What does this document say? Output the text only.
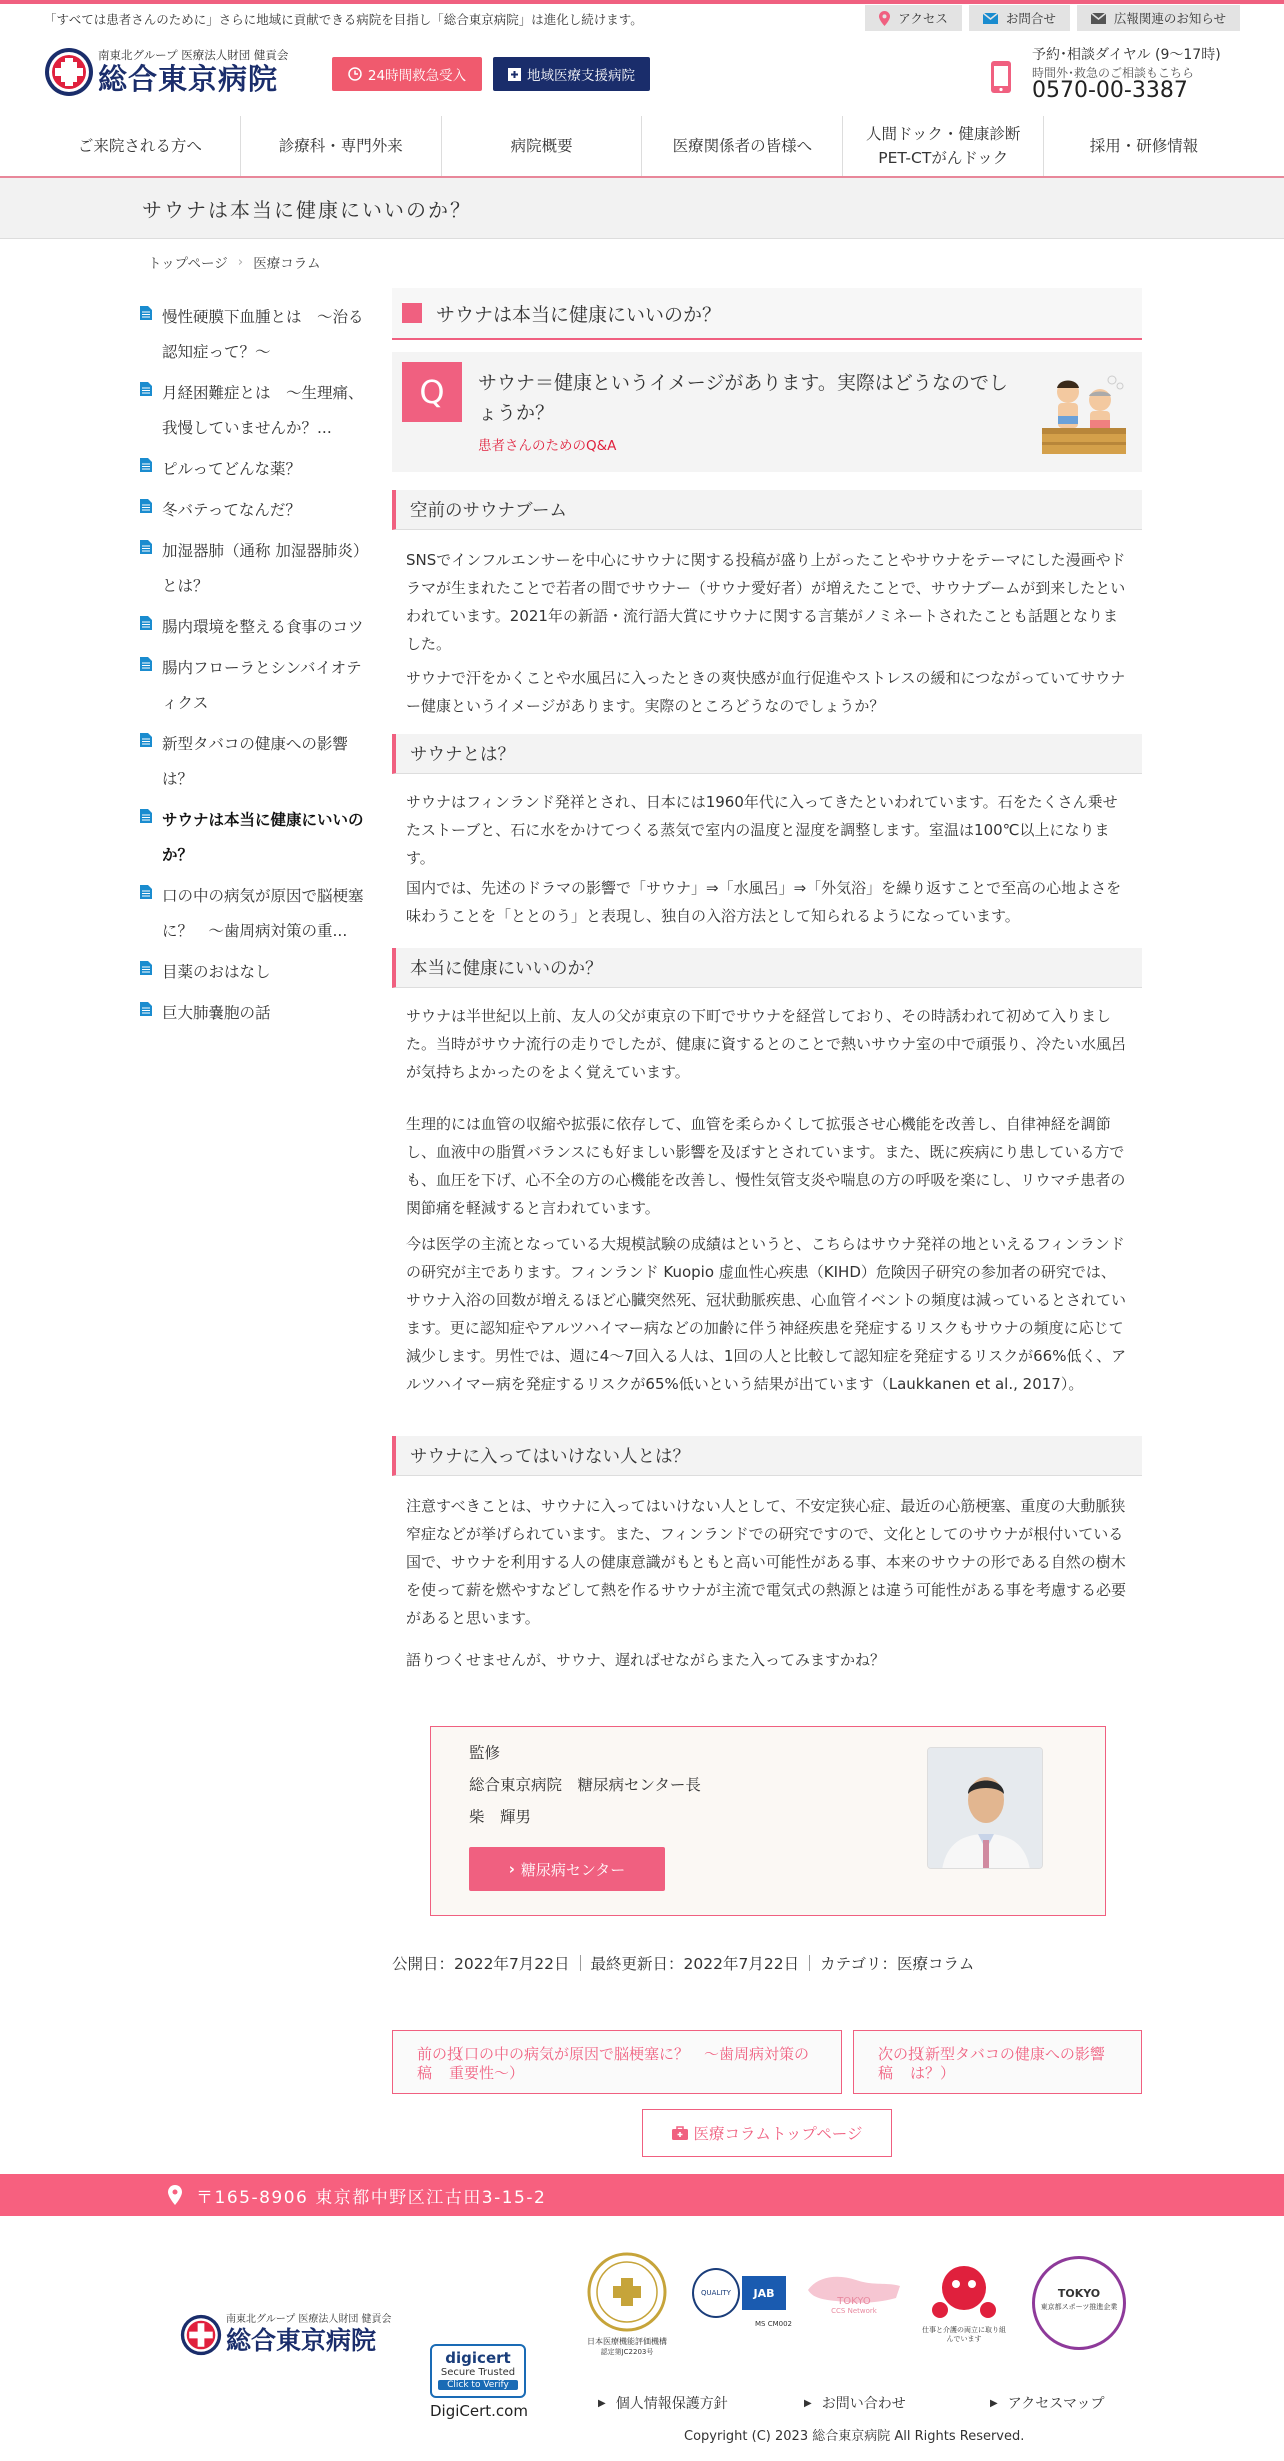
「すべては患者さんのために」さらに地域に貢献できる病院を目指し「総合東京病院」は進化し続けます。	アクセス	お問合せ	広報関連のお知らせ
南東北グループ 医療法人財団 健貢会
総合東京病院	24時間救急受入	地域医療支援病院
予約･相談ダイヤル (9〜17時)
時間外･救急のご相談もこちら
0570-00-3387
ご来院される方へ	診療科・専門外来	病院概要	医療関係者の皆様へ
人間ドック・健康診断
PET-CTがんドック
採用・研修情報
サウナは本当に健康にいいのか？
トップページ › 医療コラム
慢性硬膜下血腫とは　〜治る認知症って？〜
月経困難症とは　〜生理痛、我慢していませんか？...
ピルってどんな薬？
冬バテってなんだ？
加湿器肺（通称 加湿器肺炎）とは？
腸内環境を整える食事のコツ
腸内フローラとシンバイオティクス
新型タバコの健康への影響は？
サウナは本当に健康にいいのか？
口の中の病気が原因で脳梗塞に？　〜歯周病対策の重...
目薬のおはなし
巨大肺嚢胞の話
サウナは本当に健康にいいのか？
Q	サウナ＝健康というイメージがあります。実際はどうなのでしょうか？
患者さんのためのQ&A
空前のサウナブーム
SNSでインフルエンサーを中心にサウナに関する投稿が盛り上がったことやサウナをテーマにした漫画やドラマが生まれたことで若者の間でサウナー（サウナ愛好者）が増えたことで、サウナブームが到来したといわれています。2021年の新語・流行語大賞にサウナに関する言葉がノミネートされたことも話題となりました。
サウナで汗をかくことや水風呂に入ったときの爽快感が血行促進やストレスの緩和につながっていてサウナー健康というイメージがあります。実際のところどうなのでしょうか？
サウナとは？
サウナはフィンランド発祥とされ、日本には1960年代に入ってきたといわれています。石をたくさん乗せたストーブと、石に水をかけてつくる蒸気で室内の温度と湿度を調整します。室温は100℃以上になります。
国内では、先述のドラマの影響で「サウナ」⇒「水風呂」⇒「外気浴」を繰り返すことで至高の心地よさを味わうことを「ととのう」と表現し、独自の入浴方法として知られるようになっています。
本当に健康にいいのか？
サウナは半世紀以上前、友人の父が東京の下町でサウナを経営しており、その時誘われて初めて入りました。当時がサウナ流行の走りでしたが、健康に資するとのことで熱いサウナ室の中で頑張り、冷たい水風呂が気持ちよかったのをよく覚えています。
生理的には血管の収縮や拡張に依存して、血管を柔らかくして拡張させ心機能を改善し、自律神経を調節し、血液中の脂質バランスにも好ましい影響を及ぼすとされています。また、既に疾病にり患している方でも、血圧を下げ、心不全の方の心機能を改善し、慢性気管支炎や喘息の方の呼吸を楽にし、リウマチ患者の関節痛を軽減すると言われています。
今は医学の主流となっている大規模試験の成績はというと、こちらはサウナ発祥の地といえるフィンランドの研究が主であります。フィンランド Kuopio 虚血性心疾患（KIHD）危険因子研究の参加者の研究では、サウナ入浴の回数が増えるほど心臓突然死、冠状動脈疾患、心血管イベントの頻度は減っているとされています。更に認知症やアルツハイマー病などの加齢に伴う神経疾患を発症するリスクもサウナの頻度に応じて減少します。男性では、週に4〜7回入る人は、1回の人と比較して認知症を発症するリスクが66%低く、アルツハイマー病を発症するリスクが65%低いという結果が出ています（Laukkanen et al., 2017）。
サウナに入ってはいけない人とは？
注意すべきことは、サウナに入ってはいけない人として、不安定狭心症、最近の心筋梗塞、重度の大動脈狭窄症などが挙げられています。また、フィンランドでの研究ですので、文化としてのサウナが根付いている国で、サウナを利用する人の健康意識がもともと高い可能性がある事、本来のサウナの形である自然の樹木を使って薪を燃やすなどして熱を作るサウナが主流で電気式の熱源とは違う可能性がある事を考慮する必要があると思います。
語りつくせませんが、サウナ、遅ればせながらまた入ってみますかね？
監修
総合東京病院　糖尿病センター長
柴　輝男
› 糖尿病センター
公開日：2022年7月22日 最終更新日：2022年7月22日 カテゴリ：医療コラム
前の投稿
（口の中の病気が原因で脳梗塞に？　〜歯周病対策の重要性〜）
次の投稿
（新型タバコの健康への影響は？）
医療コラムトップページ
〒165-8906 東京都中野区江古田3-15-2
南東北グループ 医療法人財団 健貢会
総合東京病院
digicert
Secure Trusted
Click to Verify
DigiCert.com
日本医療機能評価機構
認定第JC2203号
QUALITY	JAB
MS CM002
TOKYO
CCS Network
仕事と介護の両立に取り組んでいます
TOKYO
東京都スポーツ推進企業
▶ 個人情報保護方針	▶ お問い合わせ	▶ アクセスマップ
Copyright (C) 2023 総合東京病院 All Rights Reserved.
